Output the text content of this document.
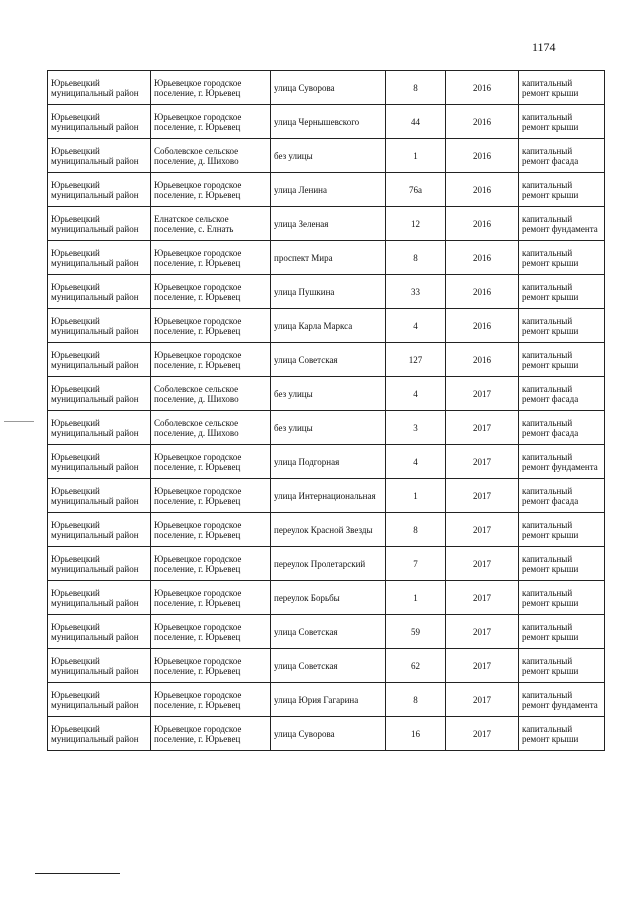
1174
Юрьевецкий муниципальный район	Юрьевецкое городское поселение, г. Юрьевец	улица Суворова	8	2016	капитальный ремонт крыши
Юрьевецкий муниципальный район	Юрьевецкое городское поселение, г. Юрьевец	улица Чернышевского	44	2016	капитальный ремонт крыши
Юрьевецкий муниципальный район	Соболевское сельское поселение, д. Шихово	без улицы	1	2016	капитальный ремонт фасада
Юрьевецкий муниципальный район	Юрьевецкое городское поселение, г. Юрьевец	улица Ленина	76а	2016	капитальный ремонт крыши
Юрьевецкий муниципальный район	Елнатское сельское поселение, с. Елнать	улица Зеленая	12	2016	капитальный ремонт фундамента
Юрьевецкий муниципальный район	Юрьевецкое городское поселение, г. Юрьевец	проспект Мира	8	2016	капитальный ремонт крыши
Юрьевецкий муниципальный район	Юрьевецкое городское поселение, г. Юрьевец	улица Пушкина	33	2016	капитальный ремонт крыши
Юрьевецкий муниципальный район	Юрьевецкое городское поселение, г. Юрьевец	улица Карла Маркса	4	2016	капитальный ремонт крыши
Юрьевецкий муниципальный район	Юрьевецкое городское поселение, г. Юрьевец	улица Советская	127	2016	капитальный ремонт крыши
Юрьевецкий муниципальный район	Соболевское сельское поселение, д. Шихово	без улицы	4	2017	капитальный ремонт фасада
Юрьевецкий муниципальный район	Соболевское сельское поселение, д. Шихово	без улицы	3	2017	капитальный ремонт фасада
Юрьевецкий муниципальный район	Юрьевецкое городское поселение, г. Юрьевец	улица Подгорная	4	2017	капитальный ремонт фундамента
Юрьевецкий муниципальный район	Юрьевецкое городское поселение, г. Юрьевец	улица Интернациональная	1	2017	капитальный ремонт фасада
Юрьевецкий муниципальный район	Юрьевецкое городское поселение, г. Юрьевец	переулок Красной Звезды	8	2017	капитальный ремонт крыши
Юрьевецкий муниципальный район	Юрьевецкое городское поселение, г. Юрьевец	переулок Пролетарский	7	2017	капитальный ремонт крыши
Юрьевецкий муниципальный район	Юрьевецкое городское поселение, г. Юрьевец	переулок Борьбы	1	2017	капитальный ремонт крыши
Юрьевецкий муниципальный район	Юрьевецкое городское поселение, г. Юрьевец	улица Советская	59	2017	капитальный ремонт крыши
Юрьевецкий муниципальный район	Юрьевецкое городское поселение, г. Юрьевец	улица Советская	62	2017	капитальный ремонт крыши
Юрьевецкий муниципальный район	Юрьевецкое городское поселение, г. Юрьевец	улица Юрия Гагарина	8	2017	капитальный ремонт фундамента
Юрьевецкий муниципальный район	Юрьевецкое городское поселение, г. Юрьевец	улица Суворова	16	2017	капитальный ремонт крыши
